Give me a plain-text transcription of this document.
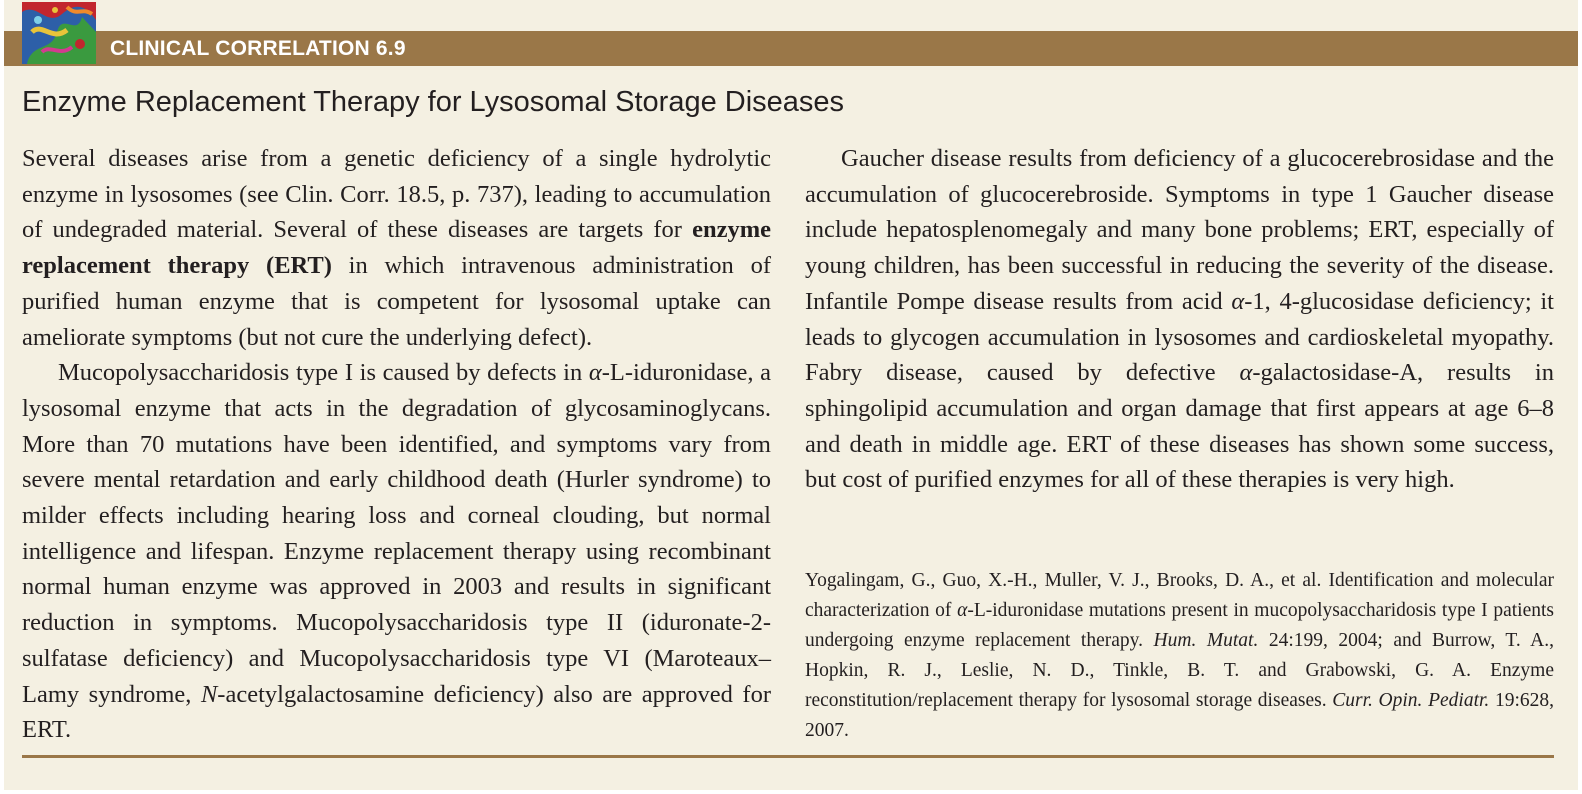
CLINICAL CORRELATION 6.9
Enzyme Replacement Therapy for Lysosomal Storage Diseases

Several diseases arise from a genetic deficiency of a single hydrolytic enzyme in lysosomes (see Clin. Corr. 18.5, p. 737), leading to accumulation of undegraded material. Several of these diseases are targets for enzyme replacement therapy (ERT) in which intravenous administration of purified human enzyme that is competent for lysosomal uptake can ameliorate symptoms (but not cure the underlying defect).

Mucopolysaccharidosis type I is caused by defects in α-L-iduronidase, a lysosomal enzyme that acts in the degradation of glycosaminoglycans. More than 70 mutations have been identified, and symptoms vary from severe mental retardation and early childhood death (Hurler syndrome) to milder effects including hearing loss and corneal clouding, but normal intelligence and lifespan. Enzyme replacement therapy using recombinant normal human enzyme was approved in 2003 and results in significant reduction in symptoms. Mucopolysaccharidosis type II (iduronate-2-sulfatase deficiency) and Mucopolysaccharidosis type VI (Maroteaux–Lamy syndrome, N-acetylgalactosamine deficiency) also are approved for ERT.

Gaucher disease results from deficiency of a glucocerebrosidase and the accumulation of glucocerebroside. Symptoms in type 1 Gaucher disease include hepatosplenomegaly and many bone problems; ERT, especially of young children, has been successful in reducing the severity of the disease. Infantile Pompe disease results from acid α-1, 4-glucosidase deficiency; it leads to glycogen accumulation in lysosomes and cardioskeletal myopathy. Fabry disease, caused by defective α-galactosidase-A, results in sphingolipid accumulation and organ damage that first appears at age 6–8 and death in middle age. ERT of these diseases has shown some success, but cost of purified enzymes for all of these therapies is very high.

Yogalingam, G., Guo, X.-H., Muller, V. J., Brooks, D. A., et al. Identification and molecular characterization of α-L-iduronidase mutations present in mucopolysaccharidosis type I patients undergoing enzyme replacement therapy. Hum. Mutat. 24:199, 2004; and Burrow, T. A., Hopkin, R. J., Leslie, N. D., Tinkle, B. T. and Grabowski, G. A. Enzyme reconstitution/replacement therapy for lysosomal storage diseases. Curr. Opin. Pediatr. 19:628, 2007.
